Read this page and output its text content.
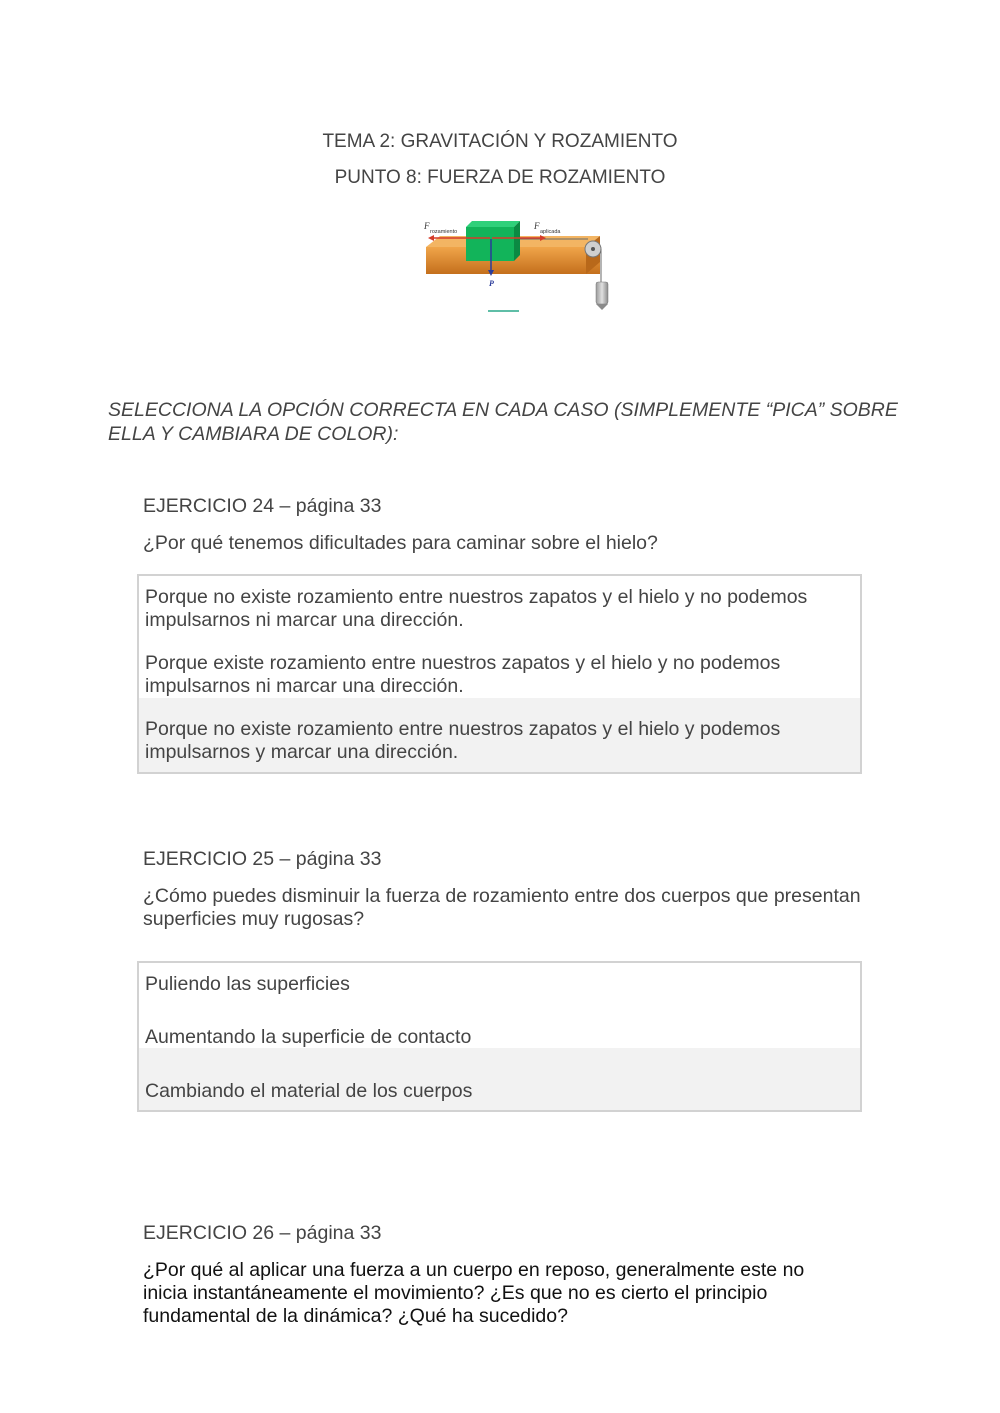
TEMA 2: GRAVITACIÓN Y ROZAMIENTO
PUNTO 8: FUERZA DE ROZAMIENTO
F
rozamiento
F
aplicada
P
SELECCIONA LA OPCIÓN CORRECTA EN CADA CASO (SIMPLEMENTE “PICA” SOBRE ELLA Y CAMBIARA DE COLOR):
EJERCICIO 24 – página 33
¿Por qué tenemos dificultades para caminar sobre el hielo?
Porque no existe rozamiento entre nuestros zapatos y el hielo y no podemos impulsarnos ni marcar una dirección.
Porque existe rozamiento entre nuestros zapatos y el hielo y no podemos impulsarnos ni marcar una dirección.
Porque no existe rozamiento entre nuestros zapatos y el hielo y podemos impulsarnos y marcar una dirección.
EJERCICIO 25 – página 33
¿Cómo puedes disminuir la fuerza de rozamiento entre dos cuerpos que presentan superficies muy rugosas?
Puliendo las superficies
Aumentando la superficie de contacto
Cambiando el material de los cuerpos
EJERCICIO 26 – página 33
¿Por qué al aplicar una fuerza a un cuerpo en reposo, generalmente este no inicia instantáneamente el movimiento? ¿Es que no es cierto el principio fundamental de la dinámica? ¿Qué ha sucedido?
